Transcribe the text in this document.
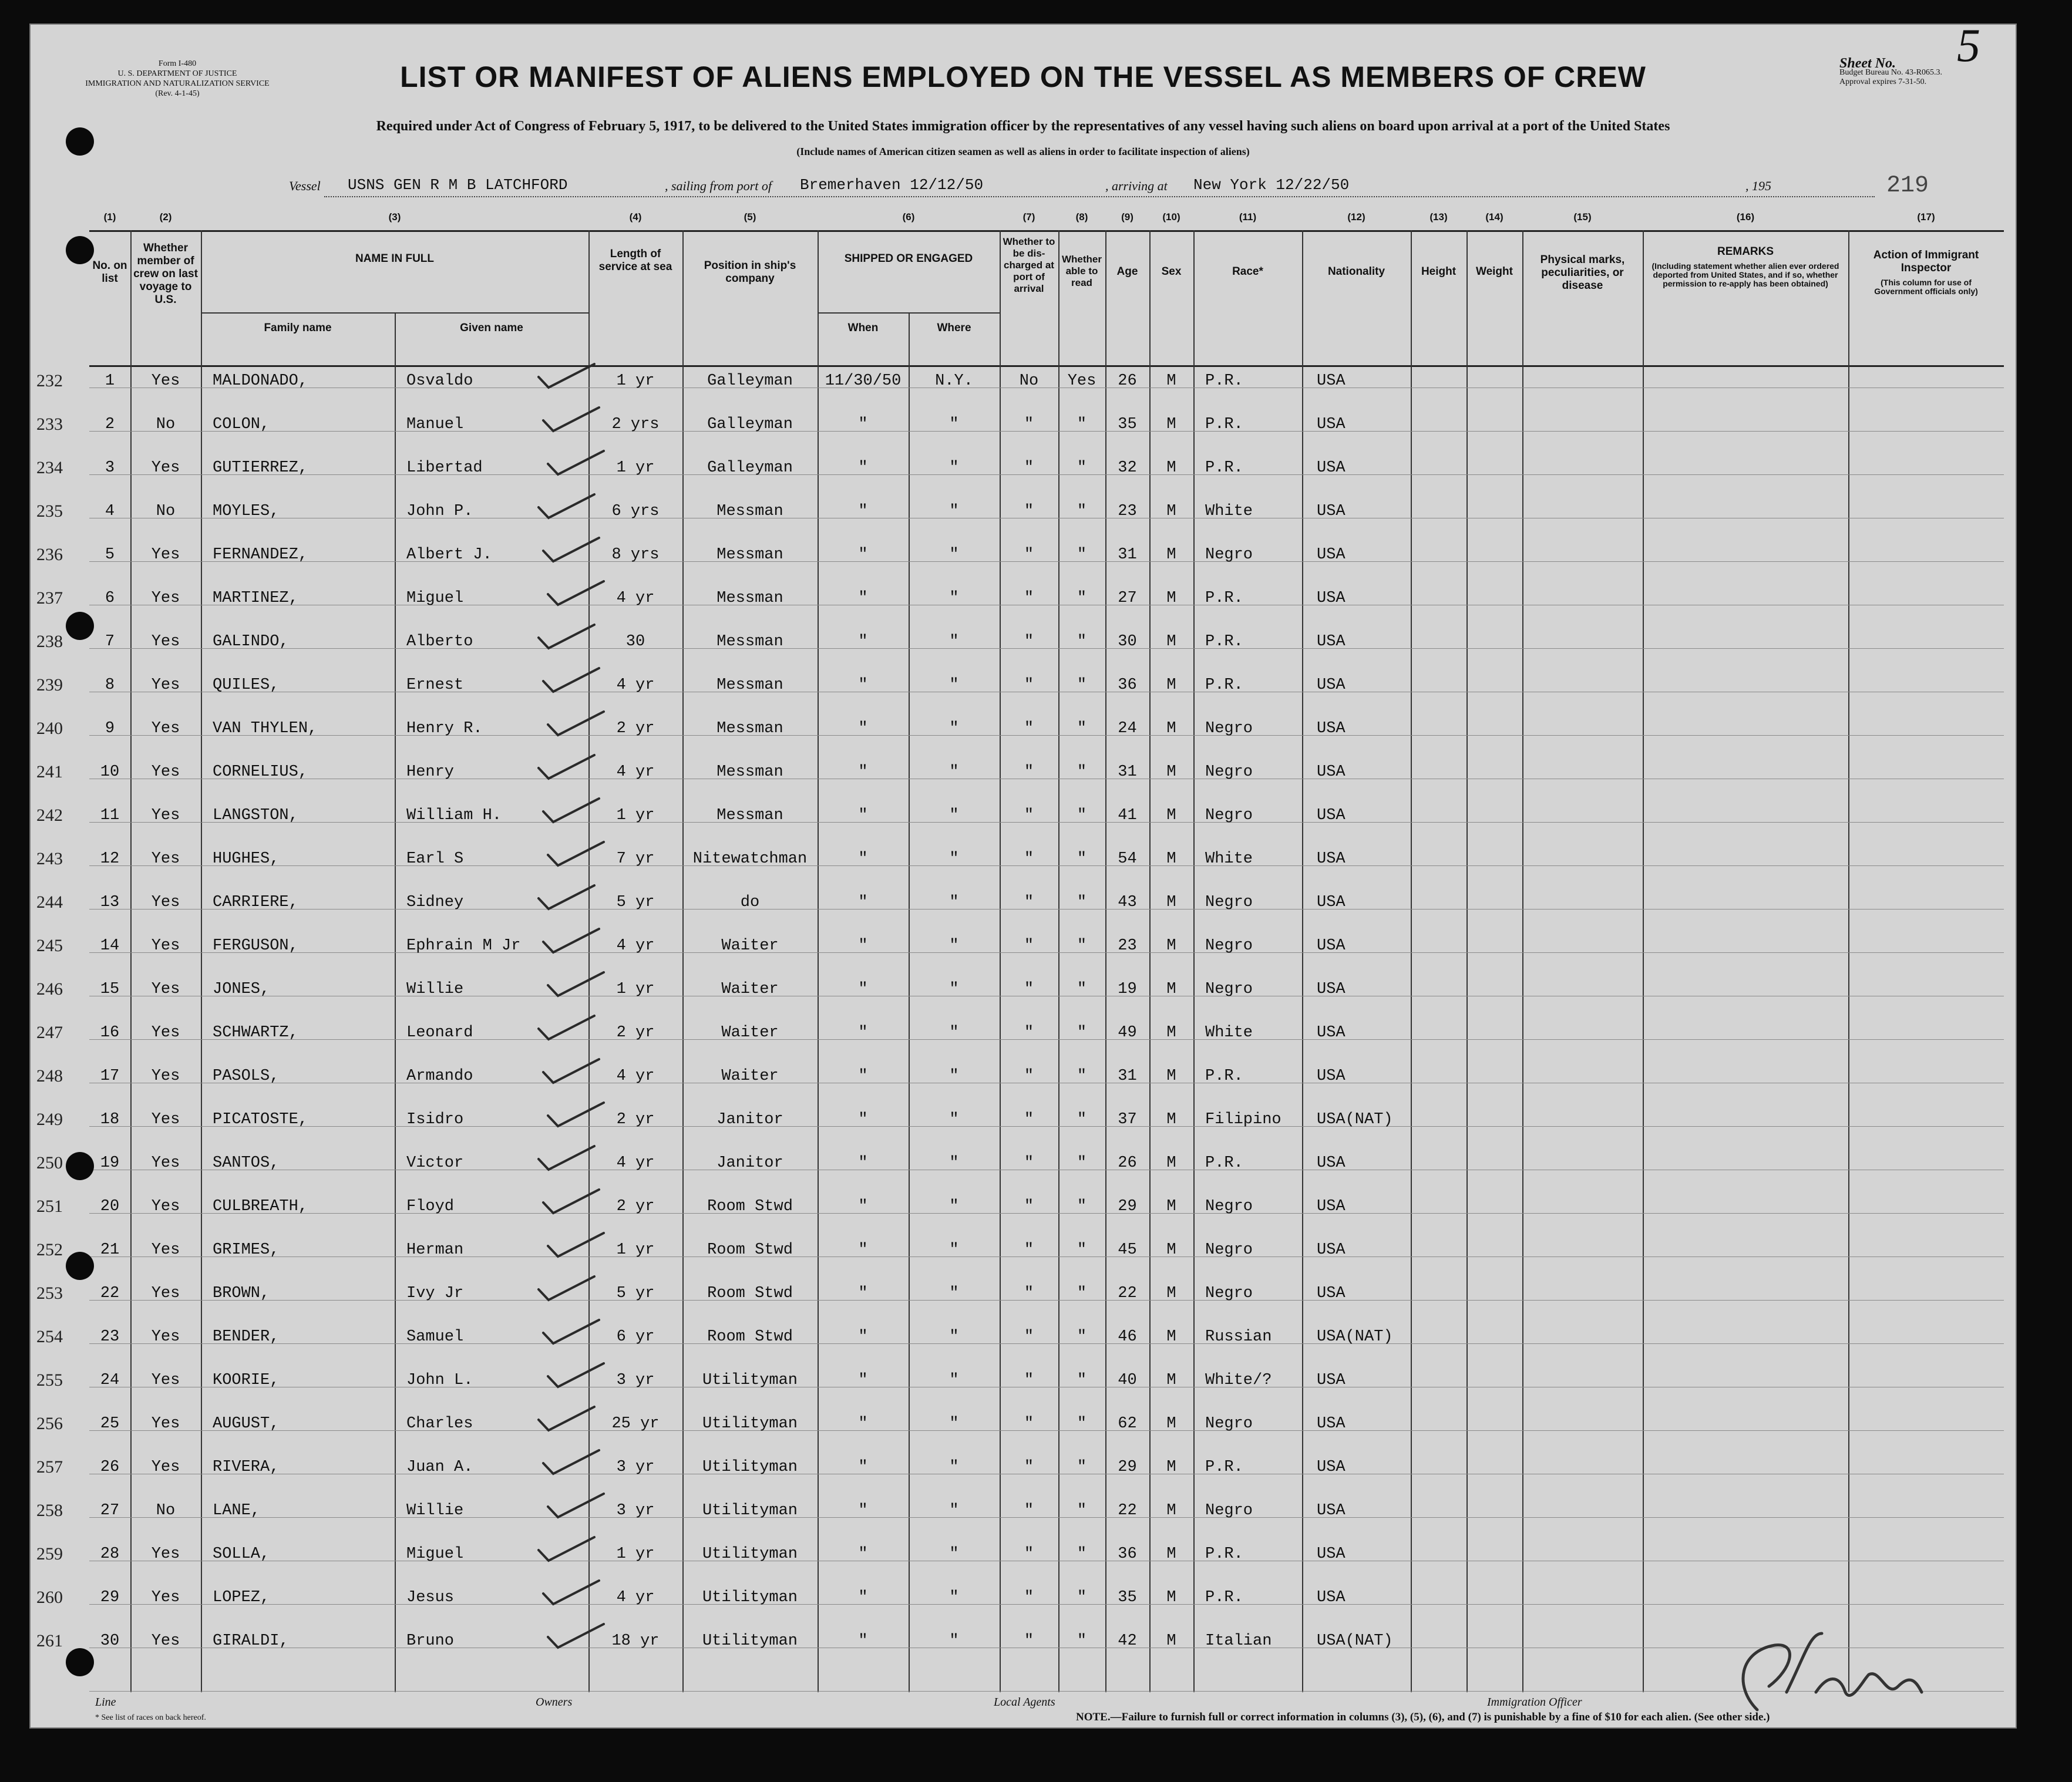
Form I-480
U. S. DEPARTMENT OF JUSTICE
IMMIGRATION AND NATURALIZATION SERVICE
(Rev. 4-1-45)
LIST OR MANIFEST OF ALIENS EMPLOYED ON THE VESSEL AS MEMBERS OF CREW	Sheet No.	5
Budget Bureau No. 43-R065.3.
Approval expires 7-31-50.
Required under Act of Congress of February 5, 1917, to be delivered to the United States immigration officer by the representatives of any vessel having such aliens on board upon arrival at a port of the United States
(Include names of American citizen seamen as well as aliens in order to facilitate inspection of aliens)
Vessel USNS GEN R M B LATCHFORD	, sailing from port of Bremerhaven 12/12/50	, arriving at New York 12/22/50	, 195	219
(1)	(2)	(3)	(4)	(5)	(6)	(7)	(8)	(9)	(10)	(11)	(12)	(13)	(14)	(15)	(16)	(17)
No. on list
Whether member of crew on last voyage to U.S.
NAME IN FULL
Family name	Given name
Length of service at sea	Position in ship's company
SHIPPED OR ENGAGED
When	Where
Whether to be dis-charged at port of arrival
Whether able to read
Age	Sex	Race*	Nationality	Height	Weight
Physical marks, peculiarities, or disease
REMARKS
(Including statement whether alien ever ordered deported from United States, and if so, whether permission to re-apply has been obtained)
Action of Immigrant Inspector
(This column for use of Government officials only)
232	1	Yes	MALDONADO,	Osvaldo	1 yr	Galleyman	11/30/50	N.Y.	No	Yes	26	M	P.R.	USA
233	2	No	COLON,	Manuel	2 yrs	Galleyman	"	"	"	"	35	M	P.R.	USA
234	3	Yes	GUTIERREZ,	Libertad	1 yr	Galleyman	"	"	"	"	32	M	P.R.	USA
235	4	No	MOYLES,	John P.	6 yrs	Messman	"	"	"	"	23	M	White	USA
236	5	Yes	FERNANDEZ,	Albert J.	8 yrs	Messman	"	"	"	"	31	M	Negro	USA
237	6	Yes	MARTINEZ,	Miguel	4 yr	Messman	"	"	"	"	27	M	P.R.	USA
238	7	Yes	GALINDO,	Alberto	30	Messman	"	"	"	"	30	M	P.R.	USA
239	8	Yes	QUILES,	Ernest	4 yr	Messman	"	"	"	"	36	M	P.R.	USA
240	9	Yes	VAN THYLEN,	Henry R.	2 yr	Messman	"	"	"	"	24	M	Negro	USA
241	10	Yes	CORNELIUS,	Henry	4 yr	Messman	"	"	"	"	31	M	Negro	USA
242	11	Yes	LANGSTON,	William H.	1 yr	Messman	"	"	"	"	41	M	Negro	USA
243	12	Yes	HUGHES,	Earl S	7 yr	Nitewatchman	"	"	"	"	54	M	White	USA
244	13	Yes	CARRIERE,	Sidney	5 yr	do	"	"	"	"	43	M	Negro	USA
245	14	Yes	FERGUSON,	Ephrain M Jr	4 yr	Waiter	"	"	"	"	23	M	Negro	USA
246	15	Yes	JONES,	Willie	1 yr	Waiter	"	"	"	"	19	M	Negro	USA
247	16	Yes	SCHWARTZ,	Leonard	2 yr	Waiter	"	"	"	"	49	M	White	USA
248	17	Yes	PASOLS,	Armando	4 yr	Waiter	"	"	"	"	31	M	P.R.	USA
249	18	Yes	PICATOSTE,	Isidro	2 yr	Janitor	"	"	"	"	37	M	Filipino	USA(NAT)
250	19	Yes	SANTOS,	Victor	4 yr	Janitor	"	"	"	"	26	M	P.R.	USA
251	20	Yes	CULBREATH,	Floyd	2 yr	Room Stwd	"	"	"	"	29	M	Negro	USA
252	21	Yes	GRIMES,	Herman	1 yr	Room Stwd	"	"	"	"	45	M	Negro	USA
253	22	Yes	BROWN,	Ivy Jr	5 yr	Room Stwd	"	"	"	"	22	M	Negro	USA
254	23	Yes	BENDER,	Samuel	6 yr	Room Stwd	"	"	"	"	46	M	Russian	USA(NAT)
255	24	Yes	KOORIE,	John L.	3 yr	Utilityman	"	"	"	"	40	M	White/?	USA
256	25	Yes	AUGUST,	Charles	25 yr	Utilityman	"	"	"	"	62	M	Negro	USA
257	26	Yes	RIVERA,	Juan A.	3 yr	Utilityman	"	"	"	"	29	M	P.R.	USA
258	27	No	LANE,	Willie	3 yr	Utilityman	"	"	"	"	22	M	Negro	USA
259	28	Yes	SOLLA,	Miguel	1 yr	Utilityman	"	"	"	"	36	M	P.R.	USA
260	29	Yes	LOPEZ,	Jesus	4 yr	Utilityman	"	"	"	"	35	M	P.R.	USA
261	30	Yes	GIRALDI,	Bruno	18 yr	Utilityman	"	"	"	"	42	M	Italian	USA(NAT)
Line	Owners	Local Agents	Immigration Officer
* See list of races on back hereof.	NOTE.—Failure to furnish full or correct information in columns (3), (5), (6), and (7) is punishable by a fine of $10 for each alien. (See other side.)
